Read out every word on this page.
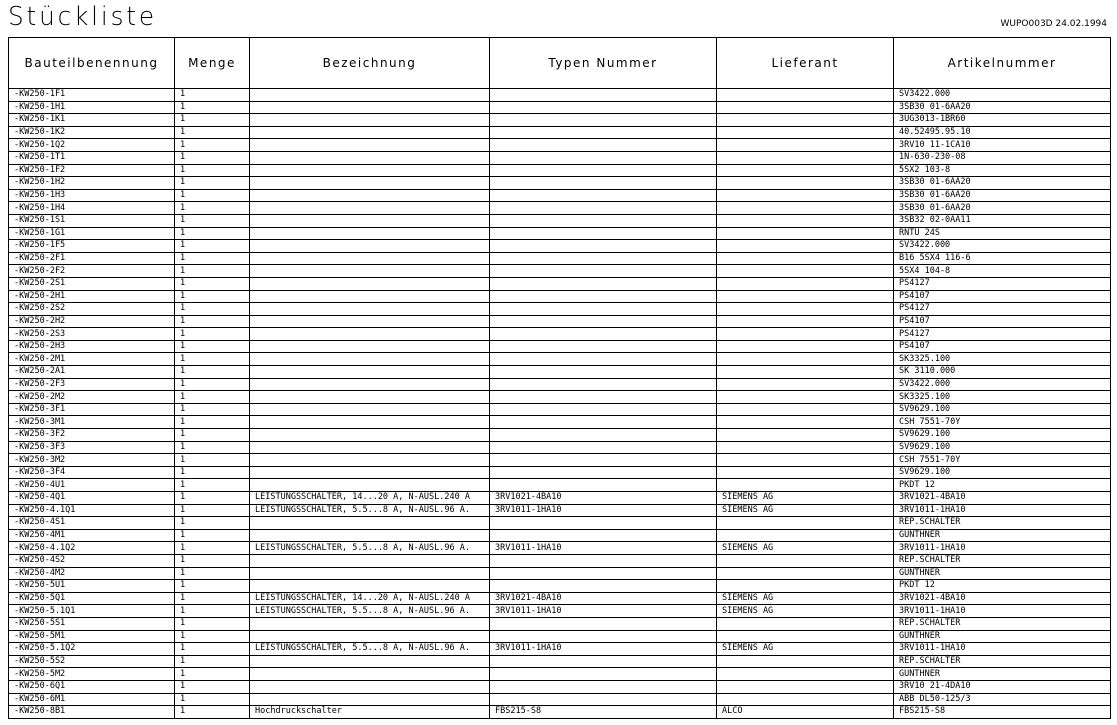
Stückliste	WUPO003D 24.02.1994
Bauteilbenennung	Menge	Bezeichnung	Typen Nummer	Lieferant	Artikelnummer
-KW250-1F1	1				SV3422.000
-KW250-1H1	1				3SB30 01-6AA20
-KW250-1K1	1				3UG3013-1BR60
-KW250-1K2	1				40.52495.95.10
-KW250-1Q2	1				3RV10 11-1CA10
-KW250-1T1	1				1N-630-230-08
-KW250-1F2	1				5SX2 103-8
-KW250-1H2	1				3SB30 01-6AA20
-KW250-1H3	1				3SB30 01-6AA20
-KW250-1H4	1				3SB30 01-6AA20
-KW250-1S1	1				3SB32 02-0AA11
-KW250-1G1	1				RNTU 24S
-KW250-1F5	1				SV3422.000
-KW250-2F1	1				B16 5SX4 116-6
-KW250-2F2	1				5SX4 104-8
-KW250-2S1	1				PS4127
-KW250-2H1	1				PS4107
-KW250-2S2	1				PS4127
-KW250-2H2	1				PS4107
-KW250-2S3	1				PS4127
-KW250-2H3	1				PS4107
-KW250-2M1	1				SK3325.100
-KW250-2A1	1				SK 3110.000
-KW250-2F3	1				SV3422.000
-KW250-2M2	1				SK3325.100
-KW250-3F1	1				SV9629.100
-KW250-3M1	1				CSH 7551-70Y
-KW250-3F2	1				SV9629.100
-KW250-3F3	1				SV9629.100
-KW250-3M2	1				CSH 7551-70Y
-KW250-3F4	1				SV9629.100
-KW250-4U1	1				PKDT 12
-KW250-4Q1	1	LEISTUNGSSCHALTER, 14...20 A, N-AUSL.240 A	3RV1021-4BA10	SIEMENS AG	3RV1021-4BA10
-KW250-4.1Q1	1	LEISTUNGSSCHALTER, 5.5...8 A, N-AUSL.96 A.	3RV1011-1HA10	SIEMENS AG	3RV1011-1HA10
-KW250-4S1	1				REP.SCHALTER
-KW250-4M1	1				GUNTHNER
-KW250-4.1Q2	1	LEISTUNGSSCHALTER, 5.5...8 A, N-AUSL.96 A.	3RV1011-1HA10	SIEMENS AG	3RV1011-1HA10
-KW250-4S2	1				REP.SCHALTER
-KW250-4M2	1				GUNTHNER
-KW250-5U1	1				PKDT 12
-KW250-5Q1	1	LEISTUNGSSCHALTER, 14...20 A, N-AUSL.240 A	3RV1021-4BA10	SIEMENS AG	3RV1021-4BA10
-KW250-5.1Q1	1	LEISTUNGSSCHALTER, 5.5...8 A, N-AUSL.96 A.	3RV1011-1HA10	SIEMENS AG	3RV1011-1HA10
-KW250-5S1	1				REP.SCHALTER
-KW250-5M1	1				GUNTHNER
-KW250-5.1Q2	1	LEISTUNGSSCHALTER, 5.5...8 A, N-AUSL.96 A.	3RV1011-1HA10	SIEMENS AG	3RV1011-1HA10
-KW250-5S2	1				REP.SCHALTER
-KW250-5M2	1				GUNTHNER
-KW250-6Q1	1				3RV10 21-4DA10
-KW250-6M1	1				ABB DL50-125/3
-KW250-8B1	1	Hochdruckschalter	FBS215-S8	ALCO	FBS215-S8
